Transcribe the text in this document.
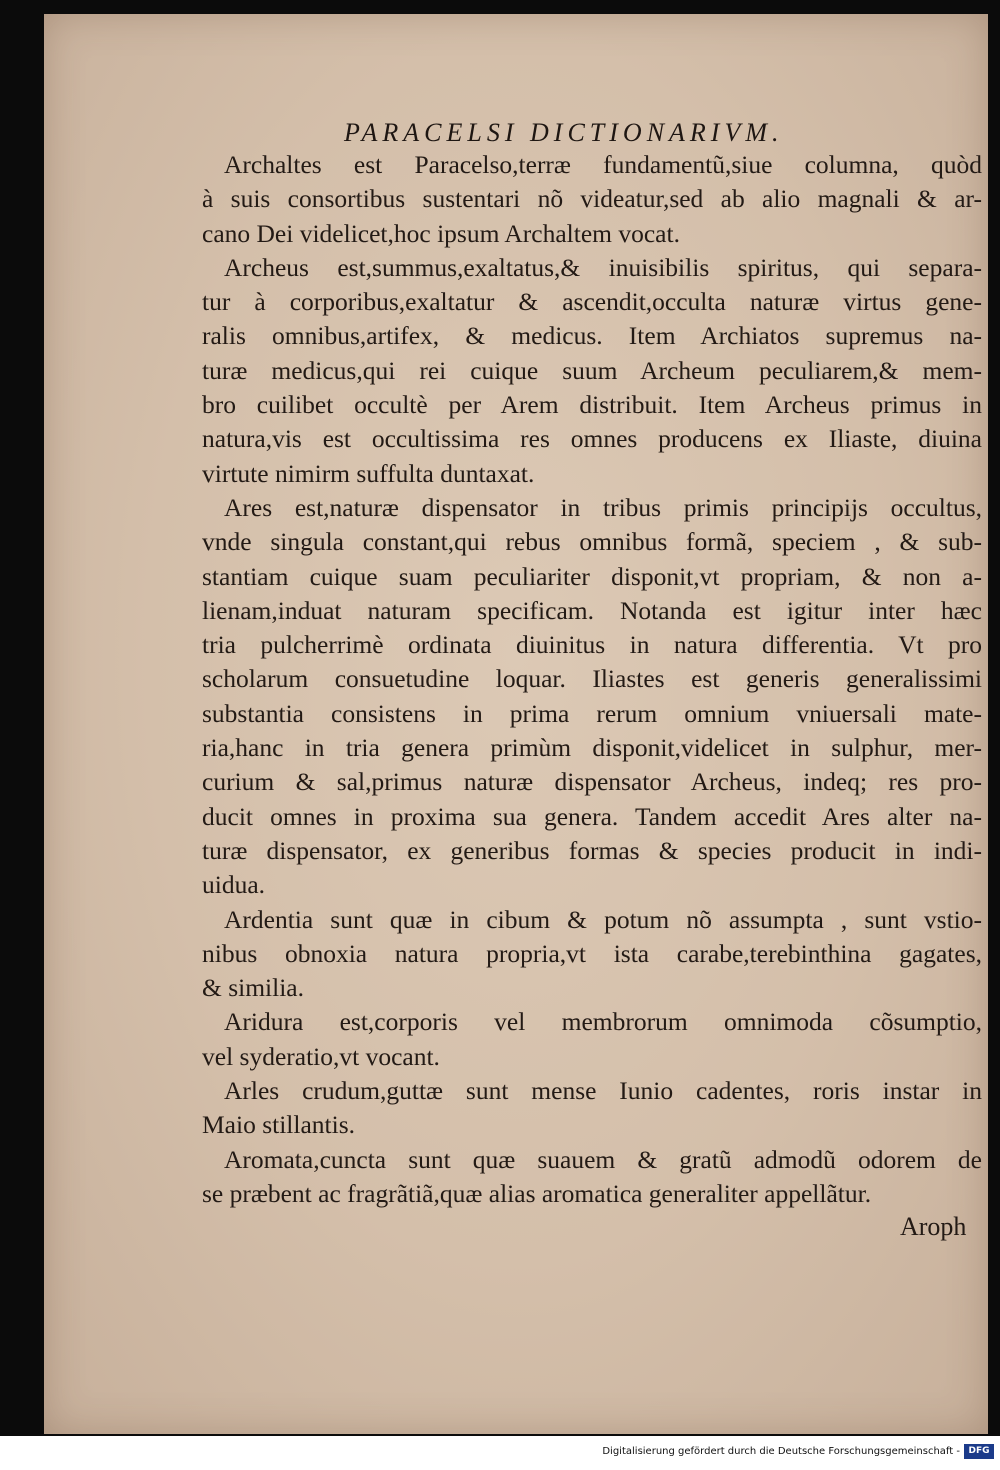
PARACELSI DICTIONARIVM.
Archaltes est Paracelso,terræ fundamentũ,siue columna, quòd
à suis consortibus sustentari nõ videatur,sed ab alio magnali & ar-
cano Dei videlicet,hoc ipsum Archaltem vocat.
Archeus est,summus,exaltatus,& inuisibilis spiritus, qui separa-
tur à corporibus,exaltatur & ascendit,occulta naturæ virtus gene-
ralis omnibus,artifex, & medicus. Item Archiatos supremus na-
turæ medicus,qui rei cuique suum Archeum peculiarem,& mem-
bro cuilibet occultè per Arem distribuit. Item Archeus primus in
natura,vis est occultissima res omnes producens ex Iliaste, diuina
virtute nimirm suffulta duntaxat.
Ares est,naturæ dispensator in tribus primis principijs occultus,
vnde singula constant,qui rebus omnibus formã, speciem , & sub-
stantiam cuique suam peculiariter disponit,vt propriam, & non a-
lienam,induat naturam specificam. Notanda est igitur inter hæc
tria pulcherrimè ordinata diuinitus in natura differentia. Vt pro
scholarum consuetudine loquar. Iliastes est generis generalissimi
substantia consistens in prima rerum omnium vniuersali mate-
ria,hanc in tria genera primùm disponit,videlicet in sulphur, mer-
curium & sal,primus naturæ dispensator Archeus, indeq; res pro-
ducit omnes in proxima sua genera. Tandem accedit Ares alter na-
turæ dispensator, ex generibus formas & species producit in indi-
uidua.
Ardentia sunt quæ in cibum & potum nõ assumpta , sunt vstio-
nibus obnoxia natura propria,vt ista carabe,terebinthina gagates,
& similia.
Aridura est,corporis vel membrorum omnimoda cõsumptio,
vel syderatio,vt vocant.
Arles crudum,guttæ sunt mense Iunio cadentes, roris instar in
Maio stillantis.
Aromata,cuncta sunt quæ suauem & gratũ admodũ odorem de
se præbent ac fragrãtiã,quæ alias aromatica generaliter appellãtur.
Aroph
Digitalisierung gefördert durch die Deutsche Forschungsgemeinschaft - DFG
